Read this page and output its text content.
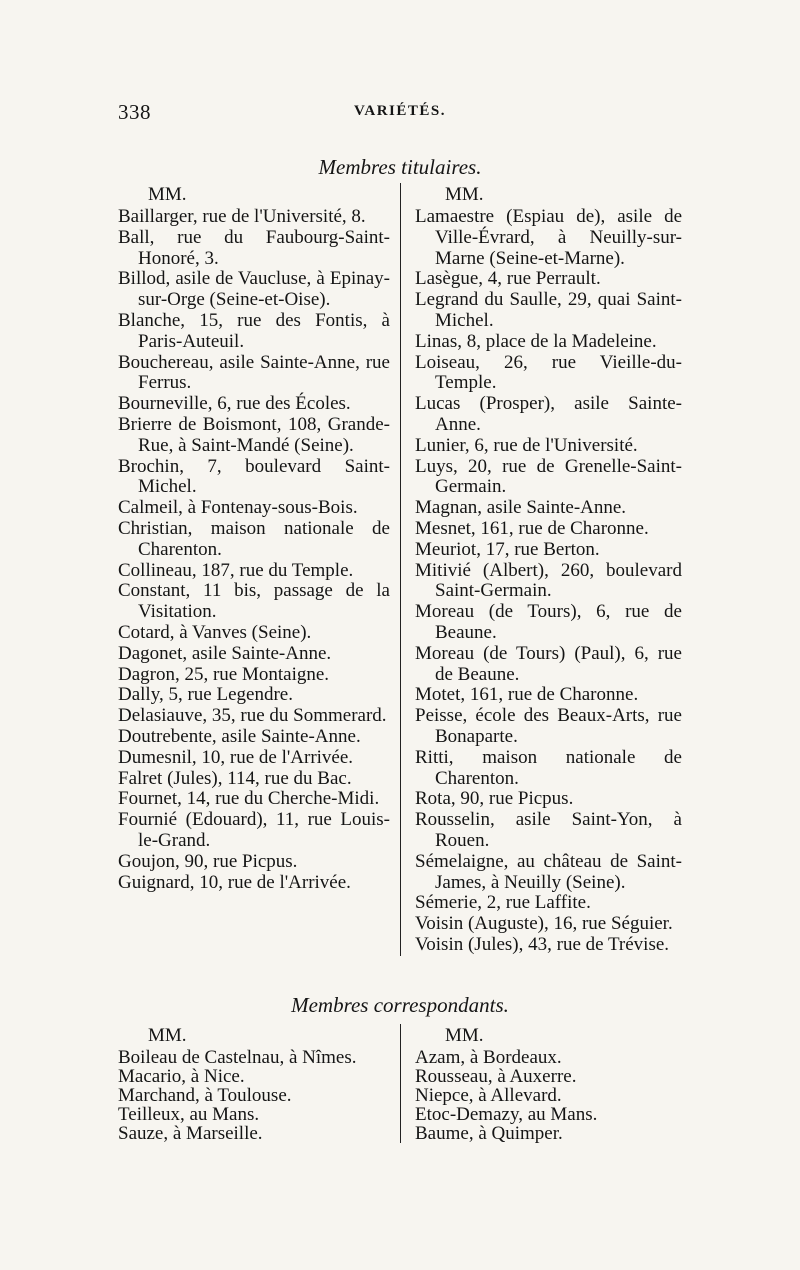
338	VARIÉTÉS.
Membres titulaires.
MM.
Baillarger, rue de l'Université, 8.
Ball, rue du Faubourg-Saint-Honoré, 3.
Billod, asile de Vaucluse, à Epinay-sur-Orge (Seine-et-Oise).
Blanche, 15, rue des Fontis, à Paris-Auteuil.
Bouchereau, asile Sainte-Anne, rue Ferrus.
Bourneville, 6, rue des Écoles.
Brierre de Boismont, 108, Grande-Rue, à Saint-Mandé (Seine).
Brochin, 7, boulevard Saint-Michel.
Calmeil, à Fontenay-sous-Bois.
Christian, maison nationale de Charenton.
Collineau, 187, rue du Temple.
Constant, 11 bis, passage de la Visitation.
Cotard, à Vanves (Seine).
Dagonet, asile Sainte-Anne.
Dagron, 25, rue Montaigne.
Dally, 5, rue Legendre.
Delasiauve, 35, rue du Sommerard.
Doutrebente, asile Sainte-Anne.
Dumesnil, 10, rue de l'Arrivée.
Falret (Jules), 114, rue du Bac.
Fournet, 14, rue du Cherche-Midi.
Fournié (Edouard), 11, rue Louis-le-Grand.
Goujon, 90, rue Picpus.
Guignard, 10, rue de l'Arrivée.
MM.
Lamaestre (Espiau de), asile de Ville-Évrard, à Neuilly-sur-Marne (Seine-et-Marne).
Lasègue, 4, rue Perrault.
Legrand du Saulle, 29, quai Saint-Michel.
Linas, 8, place de la Madeleine.
Loiseau, 26, rue Vieille-du-Temple.
Lucas (Prosper), asile Sainte-Anne.
Lunier, 6, rue de l'Université.
Luys, 20, rue de Grenelle-Saint-Germain.
Magnan, asile Sainte-Anne.
Mesnet, 161, rue de Charonne.
Meuriot, 17, rue Berton.
Mitivié (Albert), 260, boulevard Saint-Germain.
Moreau (de Tours), 6, rue de Beaune.
Moreau (de Tours) (Paul), 6, rue de Beaune.
Motet, 161, rue de Charonne.
Peisse, école des Beaux-Arts, rue Bonaparte.
Ritti, maison nationale de Charenton.
Rota, 90, rue Picpus.
Rousselin, asile Saint-Yon, à Rouen.
Sémelaigne, au château de Saint-James, à Neuilly (Seine).
Sémerie, 2, rue Laffite.
Voisin (Auguste), 16, rue Séguier.
Voisin (Jules), 43, rue de Trévise.
Membres correspondants.
MM.
Boileau de Castelnau, à Nîmes.
Macario, à Nice.
Marchand, à Toulouse.
Teilleux, au Mans.
Sauze, à Marseille.
MM.
Azam, à Bordeaux.
Rousseau, à Auxerre.
Niepce, à Allevard.
Etoc-Demazy, au Mans.
Baume, à Quimper.
